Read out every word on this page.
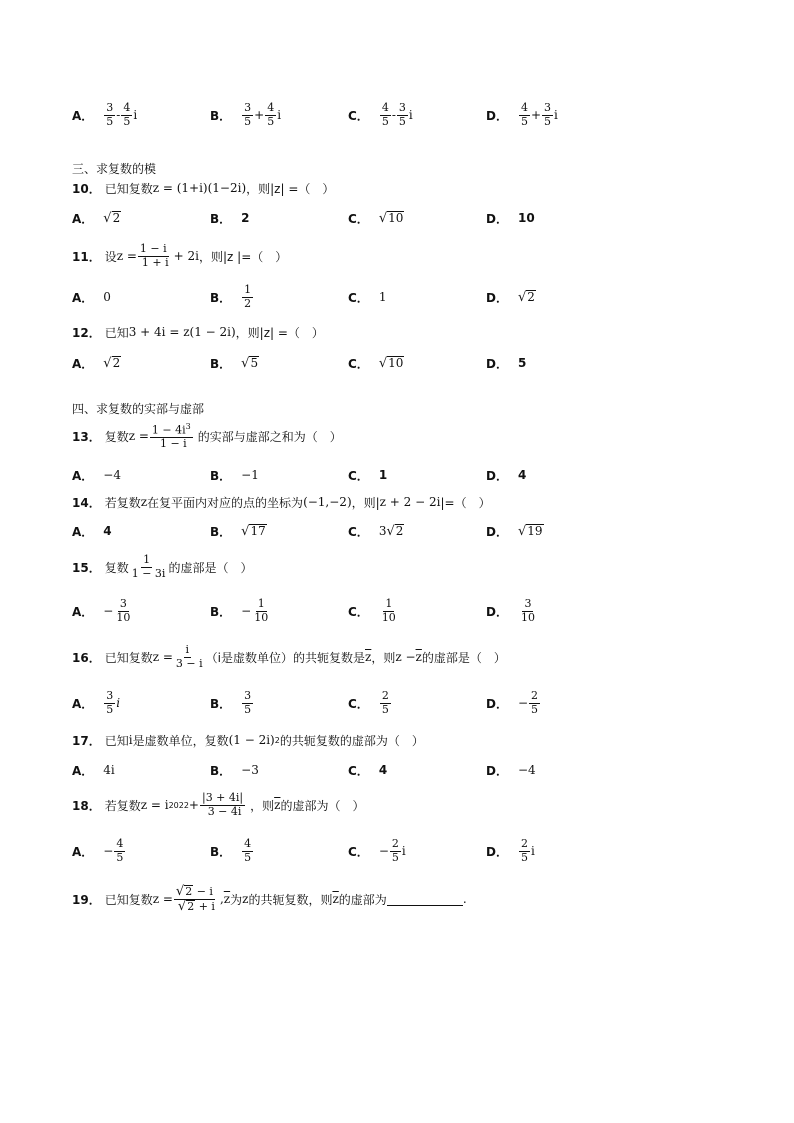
A． $\frac{3}{5} - \frac{4}{5}$ i	B． $\frac{3}{5} + \frac{4}{5}$ i	C． $\frac{4}{5} - \frac{3}{5}$ i	D． $\frac{4}{5} + \frac{3}{5}$ i
三、求复数的模
10． 已知复数 z = (1+i)(1−2i) ，则|z| =（　）
A． √ 2	B． 2	C． √ 10	D． 10
11． 设 $z = \frac{1 - i}{1 + i} + 2i$ ，则|z |=（　）
A． 0	B． $\frac{1}{2}$	C． 1	D． √ 2
12． 已知 3 + 4i = z(1 − 2i) ，则|z| =（　）
A． √ 2	B． √ 5	C． √ 10	D． 5
四、求复数的实部与虚部
13． 复数 $z = \frac{1 - 4i^3}{1 - i}$ 的实部与虚部之和为（　）
A． −4	B． −1	C． 1	D． 4
14． 若复数 z 在复平面内对应的点的坐标为 (−1,−2) ，则| z + 2 − 2i |=（　）
A． 4	B． √ 17	C． 3 √ 2	D． √ 19
15． 复数 $\frac{1}{1 - 3i}$ 的虚部是（　）
A． − $\frac{3}{10}$	B． − $\frac{1}{10}$	C． $\frac{1}{10}$	D． $\frac{3}{10}$
16． 已知复数 $z = \frac{i}{3 - i} (i$是虚数单位）的共轭复数是 $\overline{z}$ ，则 $z - \overline{z}$ 的虚部是（　）
A． $\frac{3}{5}$ i	B． $\frac{3}{5}$	C． $\frac{2}{5}$	D． − $\frac{2}{5}$
17． 已知 i 是虚数单位，复数 (1 − 2i) 2 的共轭复数的虚部为（　）
A． 4i	B． −3	C． 4	D． −4
18． 若复数 z = i $2022 + \frac{|3 + 4i|}{3 - 4i}$ ，则 $\overline{z}$ 的虚部为（　）
A． − $\frac{4}{5}$	B． $\frac{4}{5}$	C． − $\frac{2}{5}$ i	D． $\frac{2}{5}$ i
19． 已知复数 $z = \frac{√ 2 - i}{√ 2 + i}$ , $\overline{z}$ 为 z 的共轭复数，则 $\overline{z}$ 的虚部为	.
